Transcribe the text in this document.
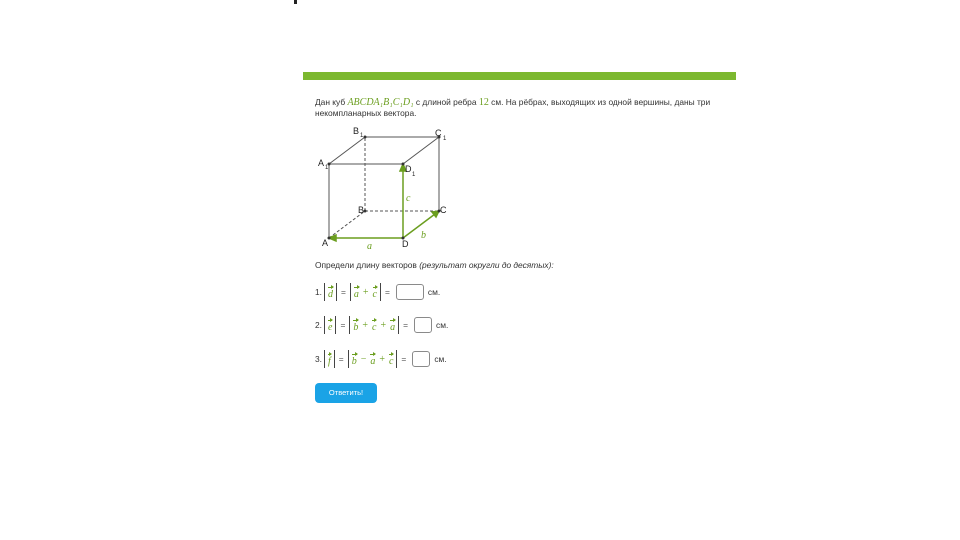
Дан куб ABCDA₁B₁C₁D₁ с длиной ребра 12 см. На рёбрах, выходящих из одной вершины, даны три некомпланарных вектора.
A	D
B	C
A 1
B 1	C
1
D
1
a
b
c
Определи длину векторов (результат округли до десятых):
1. d = a + c =	см.
2. e = b + c + a =	см.
3. f = b − a + c =	см.
Ответить!
